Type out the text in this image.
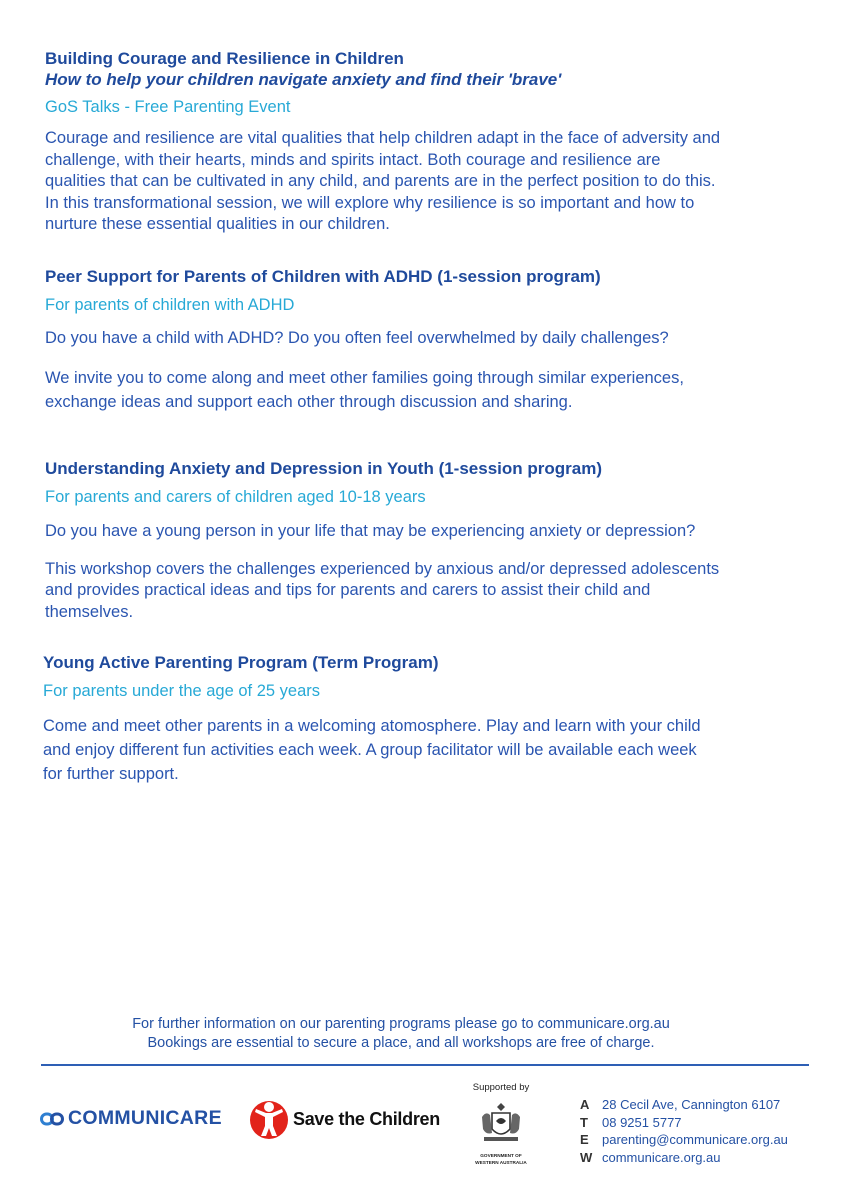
Building Courage and Resilience in Children

How to help your children navigate anxiety and find their 'brave'

GoS Talks - Free Parenting Event

Courage and resilience are vital qualities that help children adapt in the face of adversity and

challenge, with their hearts, minds and spirits intact. Both courage and resilience are

qualities that can be cultivated in any child, and parents are in the perfect position to do this.

In this transformational session, we will explore why resilience is so important and how to

nurture these essential qualities in our children.

Peer Support for Parents of Children with ADHD (1-session program)

For parents of children with ADHD

Do you have a child with ADHD? Do you often feel overwhelmed by daily challenges?

We invite you to come along and meet other families going through similar experiences,

exchange ideas and support each other through discussion and sharing.

Understanding Anxiety and Depression in Youth (1-session program)

For parents and carers of children aged 10-18 years

Do you have a young person in your life that may be experiencing anxiety or depression?

This workshop covers the challenges experienced by anxious and/or depressed adolescents

and provides practical ideas and tips for parents and carers to assist their child and

themselves.

Young Active Parenting Program (Term Program)

For parents under the age of 25 years

Come and meet other parents in a welcoming atomosphere. Play and learn with your child

and enjoy different fun activities each week. A group facilitator will be available each week

for further support.

For further information on our parenting programs please go to communicare.org.au
Bookings are essential to secure a place, and all workshops are free of charge.
COMMUNICARE	Save the Children
Supported by
GOVERNMENT OF
WESTERN AUSTRALIA
A 28 Cecil Ave, Cannington 6107
T	08 9251 5777
E	parenting@communicare.org.au
W communicare.org.au
